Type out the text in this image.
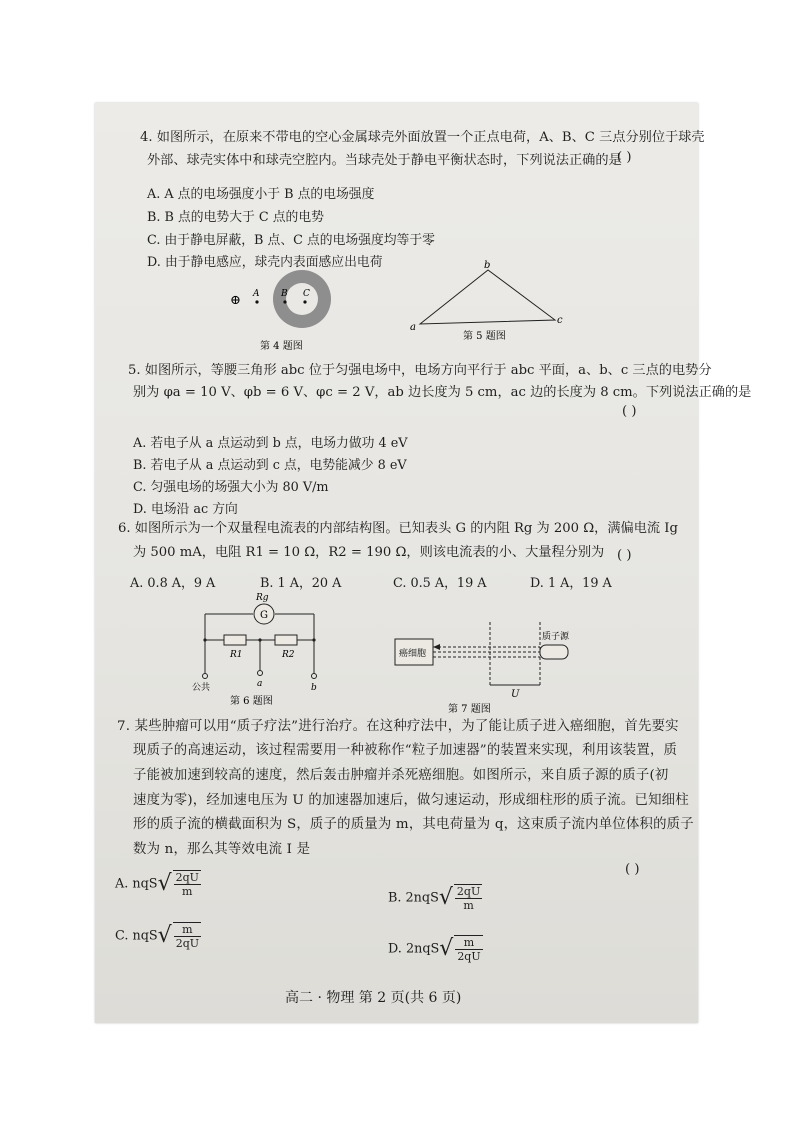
4. 如图所示，在原来不带电的空心金属球壳外面放置一个正点电荷，A、B、C 三点分别位于球壳
外部、球壳实体中和球壳空腔内。当球壳处于静电平衡状态时，下列说法正确的是
( )
A. A 点的电场强度小于 B 点的电场强度
B. B 点的电势大于 C 点的电势
C. 由于静电屏蔽，B 点、C 点的电场强度均等于零
D. 由于静电感应，球壳内表面感应出电荷
⊕ A B C
第 4 题图
a
b
c
第 5 题图
5. 如图所示，等腰三角形 abc 位于匀强电场中，电场方向平行于 abc 平面，a、b、c 三点的电势分
别为 φa = 10 V、φb = 6 V、φc = 2 V，ab 边长度为 5 cm，ac 边的长度为 8 cm。下列说法正确的是
( )
A. 若电子从 a 点运动到 b 点，电场力做功 4 eV
B. 若电子从 a 点运动到 c 点，电势能减少 8 eV
C. 匀强电场的场强大小为 80 V/m
D. 电场沿 ac 方向
6. 如图所示为一个双量程电流表的内部结构图。已知表头 G 的内阻 Rg 为 200 Ω，满偏电流 Ig
为 500 mA，电阻 R1 = 10 Ω，R2 = 190 Ω，则该电流表的小、大量程分别为 ( )
A. 0.8 A，9 A	B. 1 A，20 A	C. 0.5 A，19 A	D. 1 A，19 A
G
Rg
R1	R2
公共	a	b
第 6 题图
癌细胞
质子源
U
第 7 题图
7. 某些肿瘤可以用“质子疗法”进行治疗。在这种疗法中，为了能让质子进入癌细胞，首先要实
现质子的高速运动，该过程需要用一种被称作“粒子加速器”的装置来实现，利用该装置，质
子能被加速到较高的速度，然后轰击肿瘤并杀死癌细胞。如图所示，来自质子源的质子(初
速度为零)，经加速电压为 U 的加速器加速后，做匀速运动，形成细柱形的质子流。已知细柱
形的质子流的横截面积为 S，质子的质量为 m，其电荷量为 q，这束质子流内单位体积的质子
数为 n，那么其等效电流 I 是
( )
A. $nqS√ \frac{2qU}{m}$	B. $2nqS√ \frac{2qU}{m}$
C. $nqS√ \frac{m}{2qU}$	D. $2nqS√ \frac{m}{2qU}$
高二 · 物理 第 2 页(共 6 页)
